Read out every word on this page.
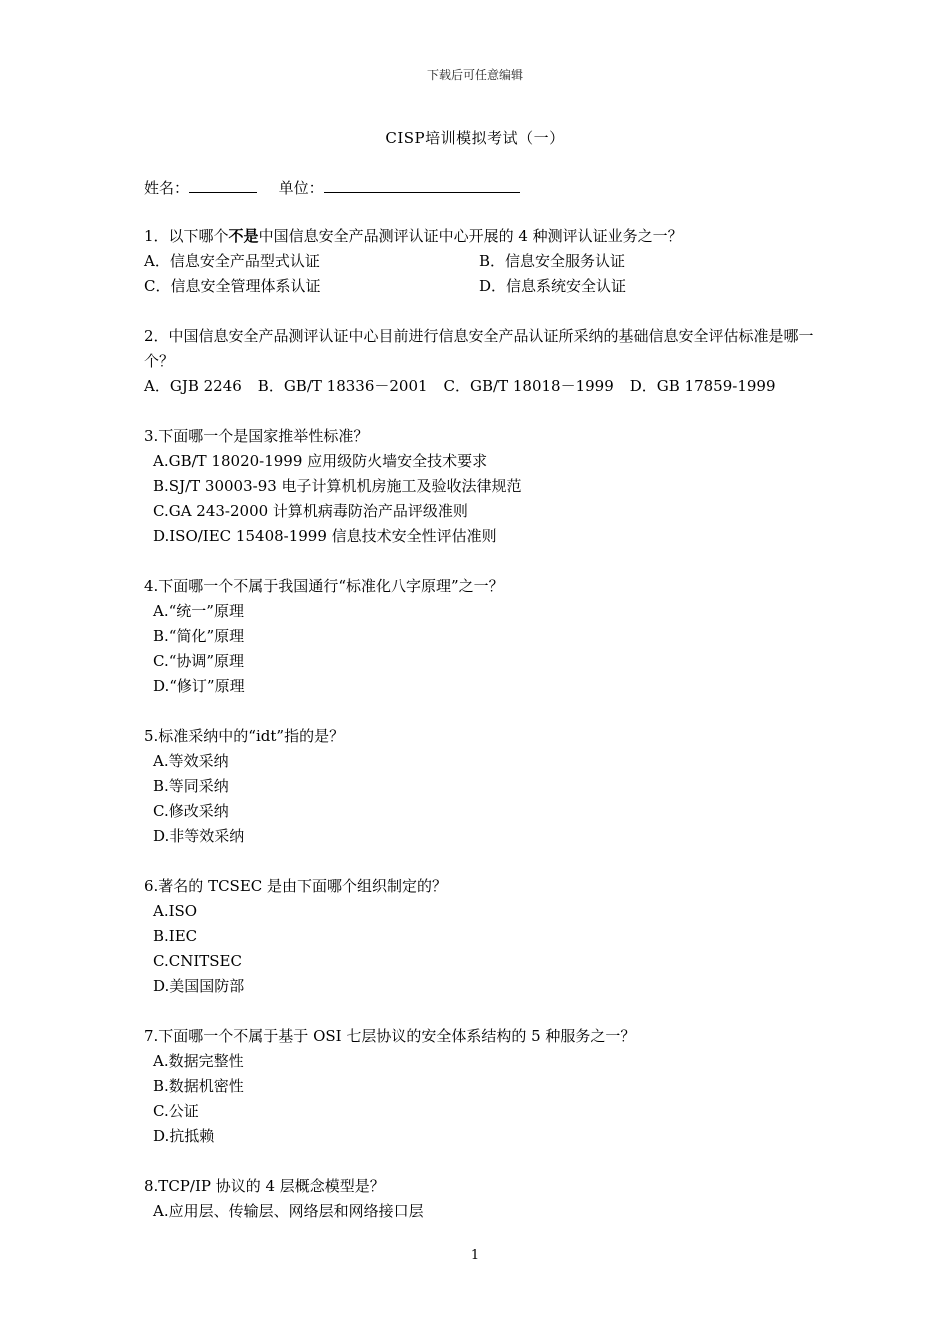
下载后可任意编辑
CISP培训模拟考试（一）
姓名：	单位：
1．以下哪个不是中国信息安全产品测评认证中心开展的 4 种测评认证业务之一？
A．信息安全产品型式认证	B．信息安全服务认证
C．信息安全管理体系认证	D．信息系统安全认证
2．中国信息安全产品测评认证中心目前进行信息安全产品认证所采纳的基础信息安全评估标准是哪一个？
A．GJB 2246 B．GB/T 18336－2001 C．GB/T 18018－1999 D．GB 17859-1999
3.下面哪一个是国家推举性标准？
A.GB/T 18020-1999 应用级防火墙安全技术要求
B.SJ/T 30003-93 电子计算机机房施工及验收法律规范
C.GA 243-2000 计算机病毒防治产品评级准则
D.ISO/IEC 15408-1999 信息技术安全性评估准则
4.下面哪一个不属于我国通行“标准化八字原理”之一？
A.“统一”原理
B.“简化”原理
C.“协调”原理
D.“修订”原理
5.标准采纳中的“idt”指的是？
A.等效采纳
B.等同采纳
C.修改采纳
D.非等效采纳
6.著名的 TCSEC 是由下面哪个组织制定的？
A.ISO
B.IEC
C.CNITSEC
D.美国国防部
7.下面哪一个不属于基于 OSI 七层协议的安全体系结构的 5 种服务之一？
A.数据完整性
B.数据机密性
C.公证
D.抗抵赖
8.TCP/IP 协议的 4 层概念模型是？
A.应用层、传输层、网络层和网络接口层
1
